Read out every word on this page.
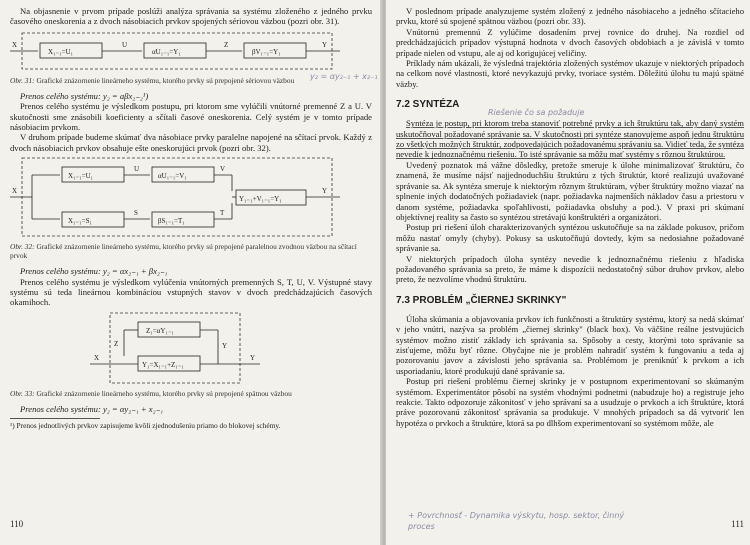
Na objasnenie v prvom prípade poslúži analýza správania sa systému zloženého z jedného prvku časového oneskorenia a z dvoch násobiacich prvkov spojených sériovou väzbou (pozri obr. 31).

X	U	Z	Y
X₁₋₁=U₁	αU₁₋₁=Y₁	βV₁₋₁=Y₁
Obr. 31: Grafické znázornenie lineárneho systému, ktorého prvky sú prepojené sériovou väzbou

Prenos celého systému: y₂ = aβx₂₋₂¹)

Prenos celého systému je výsledkom postupu, pri ktorom sme vylúčili vnútorné premenné Z a U. V skutočnosti sme znásobili koeficienty a sčítali časové oneskorenia. Celý systém je v tomto prípade násobiacim prvkom.

V druhom prípade budeme skúmať dva násobiace prvky paralelne napojené na sčítací prvok. Každý z dvoch násobiacich prvkov obsahuje ešte oneskorujúci prvok (pozri obr. 32).

X
U
S
V
T
Y
X₁₋₁=U₁	αU₁₋₁=V₁
X₁₋₁=S₁	βS₁₋₁=T₁
Y₁₋₁+V₁₋₁=Y₁
Obr. 32: Grafické znázornenie lineárneho systému, ktorého prvky sú prepojené paralelnou zvodnou väzbou na sčítací prvok

Prenos celého systému: y₂ = αx₂₋₁ + βx₂₋₁

Prenos celého systému je výsledkom vylúčenia vnútorných premenných S, T, U, V. Výstupné stavy systému sú teda lineárnou kombináciou vstupných stavov v dvoch predchádzajúcich časových okamihoch.

X	Y
Y
Z
Z₁=αY₁₋₁
Y₁=X₁₋₁+Z₁₋₁
Obr. 33: Grafické znázornenie lineárneho systému, ktorého prvky sú prepojené spätnou väzbou

Prenos celého systému: y₂ = αy₂₋₁ + x₂₋₁

¹) Prenos jednotlivých prvkov zapisujeme kvôli zjednodušeniu priamo do blokovej schémy.
110

V poslednom prípade analyzujeme systém zložený z jedného násobiaceho a jedného sčítacieho prvku, ktoré sú spojené spätnou väzbou (pozri obr. 33).

Vnútornú premennú Z vylúčime dosadením prvej rovnice do druhej. Na rozdiel od predchádzajúcich prípadov výstupná hodnota v dvoch časových obdobiach a je závislá v tomto prípade nielen od vstupu, ale aj od korigujúcej veličiny.

Príklady nám ukázali, že výsledná trajektória zložených systémov ukazuje v niektorých prípadoch na celkom nové vlastnosti, ktoré nevykazujú prvky, tvoriace systém. Dôležitú úlohu tu majú spätné väzby.

7.2 SYNTÉZA

Syntéza je postup, pri ktorom treba stanoviť potrebné prvky a ich štruktúru tak, aby daný systém uskutočňoval požadované správanie sa. V skutočnosti pri syntéze stanovujeme aspoň jednu štruktúru zo všetkých možných štruktúr, zodpovedajúcich požadovanému správaniu sa. Vidieť teda, že syntéza nevedie k jednoznačnému riešeniu. To isté správanie sa môžu mať systémy s rôznou štruktúrou.

Uvedený poznatok má vážne dôsledky, pretože smeruje k úlohe minimalizovať štruktúru, čo znamená, že musíme nájsť najjednoduchšiu štruktúru z tých štruktúr, ktoré realizujú uvažované správanie sa. Ak syntéza smeruje k niektorým rôznym štruktúram, výber štruktúry možno viazať na splnenie iných dodatočných požiadaviek (napr. požiadavka najmenších nákladov času a priestoru v danom systéme, požiadavka spoľahlivosti, požiadavka obsluhy a pod.). V praxi pri skúmaní objektívnej reality sa často so syntézou stretávajú konštruktéri a organizátori.

Postup pri riešení úloh charakterizovaných syntézou uskutočňuje sa na základe pokusov, pričom môžu nastať omyly (chyby). Pokusy sa uskutočňujú dovtedy, kým sa nedosiahne požadované správanie sa.

V niektorých prípadoch úloha syntézy nevedie k jednoznačnému riešeniu z hľadiska požadovaného správania sa preto, že máme k dispozícii nedostatočný súbor druhov prvkov, alebo preto, že nezvolíme vhodnú štruktúru.

7.3 PROBLÉM „ČIERNEJ SKRINKY"

Úloha skúmania a objavovania prvkov ich funkčnosti a štruktúry systému, ktorý sa nedá skúmať v jeho vnútri, nazýva sa problém „čiernej skrinky" (black box). Vo väčšine reálne jestvujúcich systémov možno zistiť základy ich správania sa. Spôsoby a cesty, ktorými toto správanie sa zisťujeme, môžu byť rôzne. Obyčajne nie je problém nahradiť systém k fungovaniu a teda aj pozorovaniu javov a závislosti jeho správania sa. Problémom je preniknúť k prvkom a ich usporiadaniu, ktoré produkujú dané správanie sa.

Postup pri riešení problému čiernej skrinky je v postupnom experimentovaní so skúmaným systémom. Experimentátor pôsobí na systém vhodnými podnetmi (nabudzuje ho) a registruje jeho reakcie. Takto odpozoruje zákonitosť v jeho správaní sa a usudzuje o prvkoch a ich štruktúre, ktorá práve pozorovanú zákonitosť správania sa produkuje. V mnohých prípadoch sa dá vytvoriť len hypotéza o prvkoch a štruktúre, ktorá sa po dlhšom experimentovaní so systémom môže, ale

111
y₂ = αy₂₋₁ + x₂₋₁
Riešenie čo sa požaduje
+ Povrchnosť - Dynamika výskytu, hosp. sektor, činný proces
